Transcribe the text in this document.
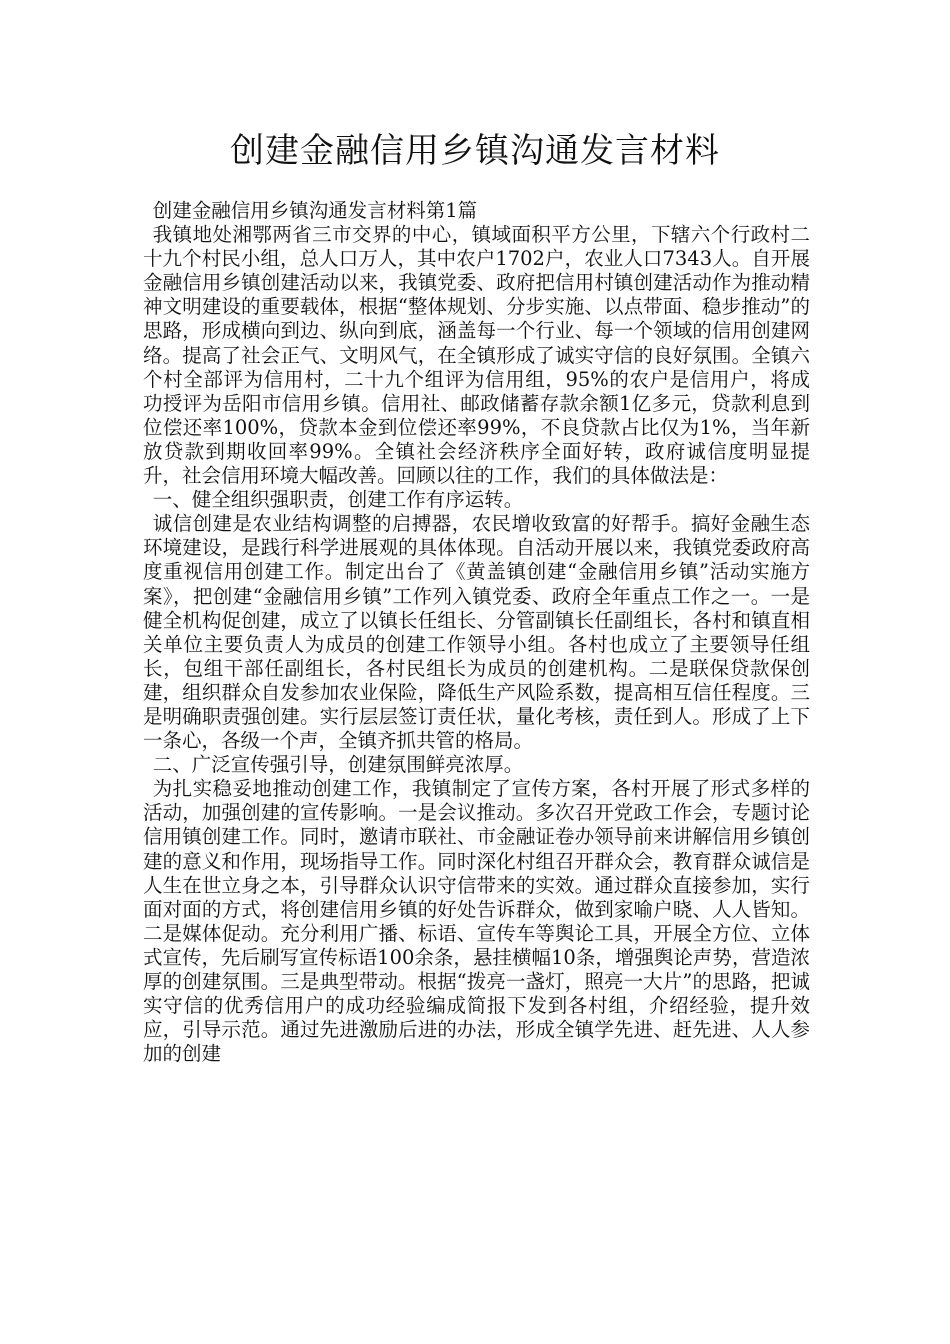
创建金融信用乡镇沟通发言材料

创建金融信用乡镇沟通发言材料第1篇

我镇地处湘鄂两省三市交界的中心，镇域面积平方公里，下辖六个行政村二十九个村民小组，总人口万人，其中农户1702户，农业人口7343人。自开展金融信用乡镇创建活动以来，我镇党委、政府把信用村镇创建活动作为推动精神文明建设的重要载体，根据“整体规划、分步实施、以点带面、稳步推动”的思路，形成横向到边、纵向到底，涵盖每一个行业、每一个领域的信用创建网络。提高了社会正气、文明风气，在全镇形成了诚实守信的良好氛围。全镇六个村全部评为信用村，二十九个组评为信用组，95%的农户是信用户，将成功授评为岳阳市信用乡镇。信用社、邮政储蓄存款余额1亿多元，贷款利息到位偿还率100%，贷款本金到位偿还率99%，不良贷款占比仅为1%，当年新放贷款到期收回率99%。全镇社会经济秩序全面好转，政府诚信度明显提升，社会信用环境大幅改善。回顾以往的工作，我们的具体做法是：

一、健全组织强职责，创建工作有序运转。

诚信创建是农业结构调整的启搏器，农民增收致富的好帮手。搞好金融生态环境建设，是践行科学进展观的具体体现。自活动开展以来，我镇党委政府高度重视信用创建工作。制定出台了《黄盖镇创建“金融信用乡镇”活动实施方案》，把创建“金融信用乡镇”工作列入镇党委、政府全年重点工作之一。一是健全机构促创建，成立了以镇长任组长、分管副镇长任副组长，各村和镇直相关单位主要负责人为成员的创建工作领导小组。各村也成立了主要领导任组长，包组干部任副组长，各村民组长为成员的创建机构。二是联保贷款保创建，组织群众自发参加农业保险，降低生产风险系数，提高相互信任程度。三是明确职责强创建。实行层层签订责任状，量化考核，责任到人。形成了上下一条心，各级一个声，全镇齐抓共管的格局。

二、广泛宣传强引导，创建氛围鲜亮浓厚。

为扎实稳妥地推动创建工作，我镇制定了宣传方案，各村开展了形式多样的活动，加强创建的宣传影响。一是会议推动。多次召开党政工作会，专题讨论信用镇创建工作。同时，邀请市联社、市金融证卷办领导前来讲解信用乡镇创建的意义和作用，现场指导工作。同时深化村组召开群众会，教育群众诚信是人生在世立身之本，引导群众认识守信带来的实效。通过群众直接参加，实行面对面的方式，将创建信用乡镇的好处告诉群众，做到家喻户晓、人人皆知。二是媒体促动。充分利用广播、标语、宣传车等舆论工具，开展全方位、立体式宣传，先后刷写宣传标语100余条，悬挂横幅10条，增强舆论声势，营造浓厚的创建氛围。三是典型带动。根据“拨亮一盏灯，照亮一大片”的思路，把诚实守信的优秀信用户的成功经验编成简报下发到各村组，介绍经验，提升效应，引导示范。通过先进激励后进的办法，形成全镇学先进、赶先进、人人参加的创建
